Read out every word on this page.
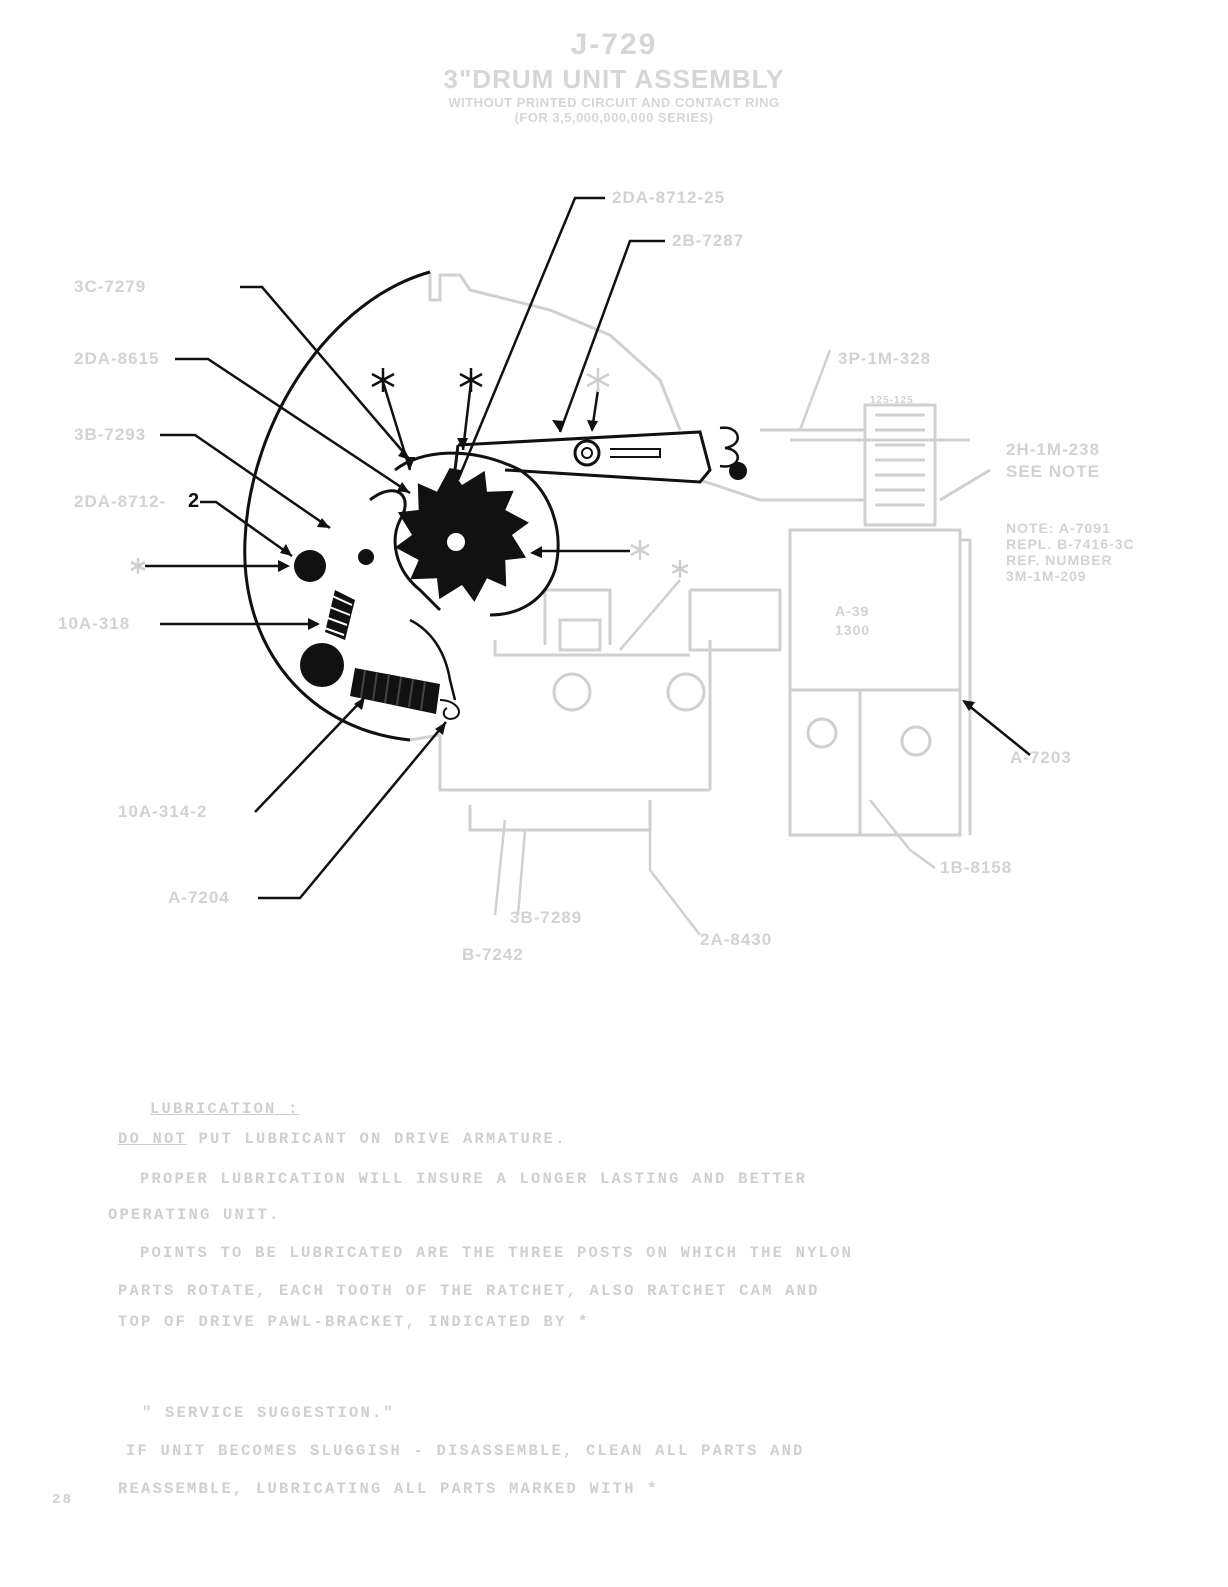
J-729
3"DRUM UNIT ASSEMBLY
WITHOUT PRINTED CIRCUIT AND CONTACT RING
(FOR 3,5,000,000,000 SERIES)
2DA-8712-25
2B-7287
3C-7279
2DA-8615
3B-7293
2DA-8712- 2
10A-318
3P-1M-328
2H-1M-238
SEE NOTE
NOTE: A-7091
REPL. B-7416-3C
REF. NUMBER
3M-1M-209
A-39
1300
125-125
A-7203
10A-314-2
A-7204
1B-8158
3B-7289
2A-8430
B-7242
LUBRICATION :
DO NOT PUT LUBRICANT ON DRIVE ARMATURE.
PROPER LUBRICATION WILL INSURE A LONGER LASTING AND BETTER
OPERATING UNIT.
POINTS TO BE LUBRICATED ARE THE THREE POSTS ON WHICH THE NYLON
PARTS ROTATE, EACH TOOTH OF THE RATCHET, ALSO RATCHET CAM AND
TOP OF DRIVE PAWL-BRACKET, INDICATED BY *
" SERVICE SUGGESTION."
IF UNIT BECOMES SLUGGISH - DISASSEMBLE, CLEAN ALL PARTS AND
REASSEMBLE, LUBRICATING ALL PARTS MARKED WITH *
28
